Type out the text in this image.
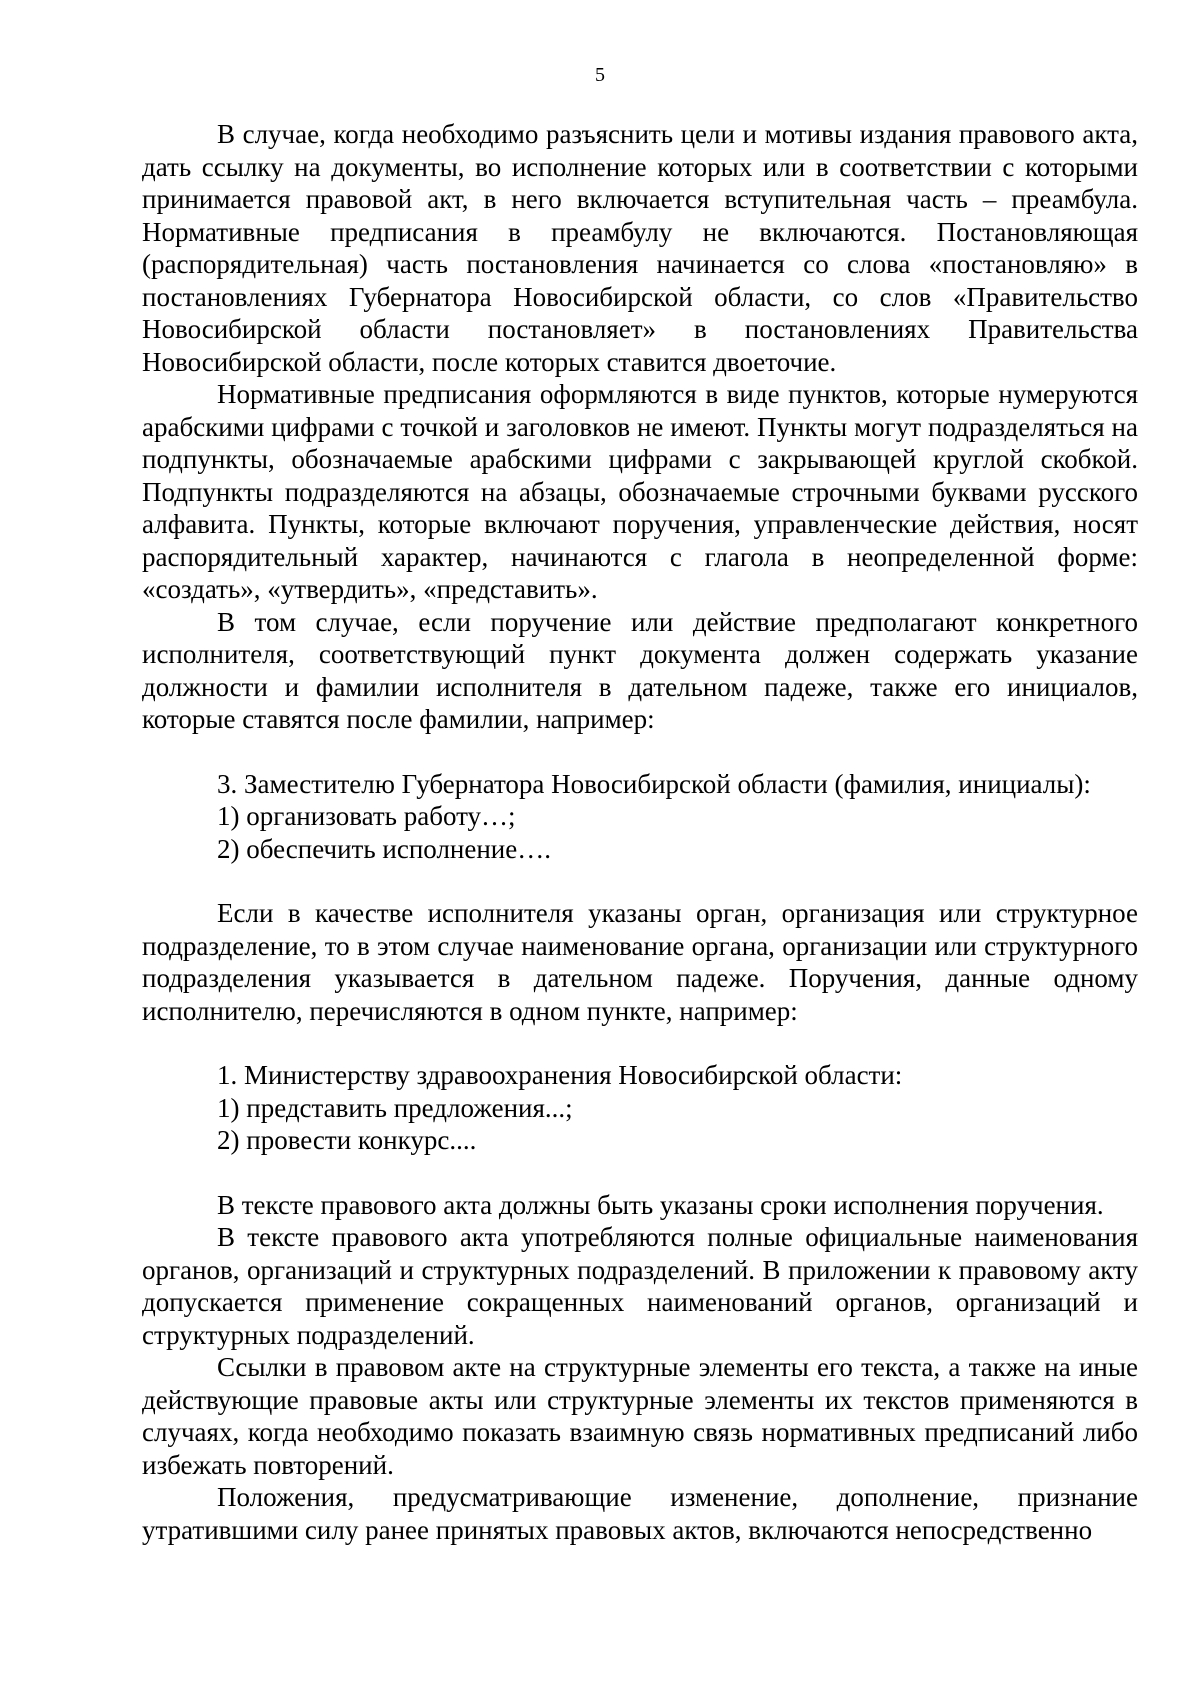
5

В случае, когда необходимо разъяснить цели и мотивы издания правового акта, дать ссылку на документы, во исполнение которых или в соответствии с которыми принимается правовой акт, в него включается вступительная часть – преамбула. Нормативные предписания в преамбулу не включаются. Постановляющая (распорядительная) часть постановления начинается со слова «постановляю» в постановлениях Губернатора Новосибирской области, со слов «Правительство Новосибирской области постановляет» в постановлениях Правительства Новосибирской области, после которых ставится двоеточие.

Нормативные предписания оформляются в виде пунктов, которые нумеруются арабскими цифрами с точкой и заголовков не имеют. Пункты могут подразделяться на подпункты, обозначаемые арабскими цифрами с закрывающей круглой скобкой. Подпункты подразделяются на абзацы, обозначаемые строчными буквами русского алфавита. Пункты, которые включают поручения, управленческие действия, носят распорядительный характер, начинаются с глагола в неопределенной форме: «создать», «утвердить», «представить».

В том случае, если поручение или действие предполагают конкретного исполнителя, соответствующий пункт документа должен содержать указание должности и фамилии исполнителя в дательном падеже, также его инициалов, которые ставятся после фамилии, например:

3. Заместителю Губернатора Новосибирской области (фамилия, инициалы):

1) организовать работу…;

2) обеспечить исполнение….

Если в качестве исполнителя указаны орган, организация или структурное подразделение, то в этом случае наименование органа, организации или структурного подразделения указывается в дательном падеже. Поручения, данные одному исполнителю, перечисляются в одном пункте, например:

1. Министерству здравоохранения Новосибирской области:

1) представить предложения...;

2) провести конкурс....

В тексте правового акта должны быть указаны сроки исполнения поручения.

В тексте правового акта употребляются полные официальные наименования органов, организаций и структурных подразделений. В приложении к правовому акту допускается применение сокращенных наименований органов, организаций и структурных подразделений.

Ссылки в правовом акте на структурные элементы его текста, а также на иные действующие правовые акты или структурные элементы их текстов применяются в случаях, когда необходимо показать взаимную связь нормативных предписаний либо избежать повторений.

Положения, предусматривающие изменение, дополнение, признание утратившими силу ранее принятых правовых актов, включаются непосредственно
